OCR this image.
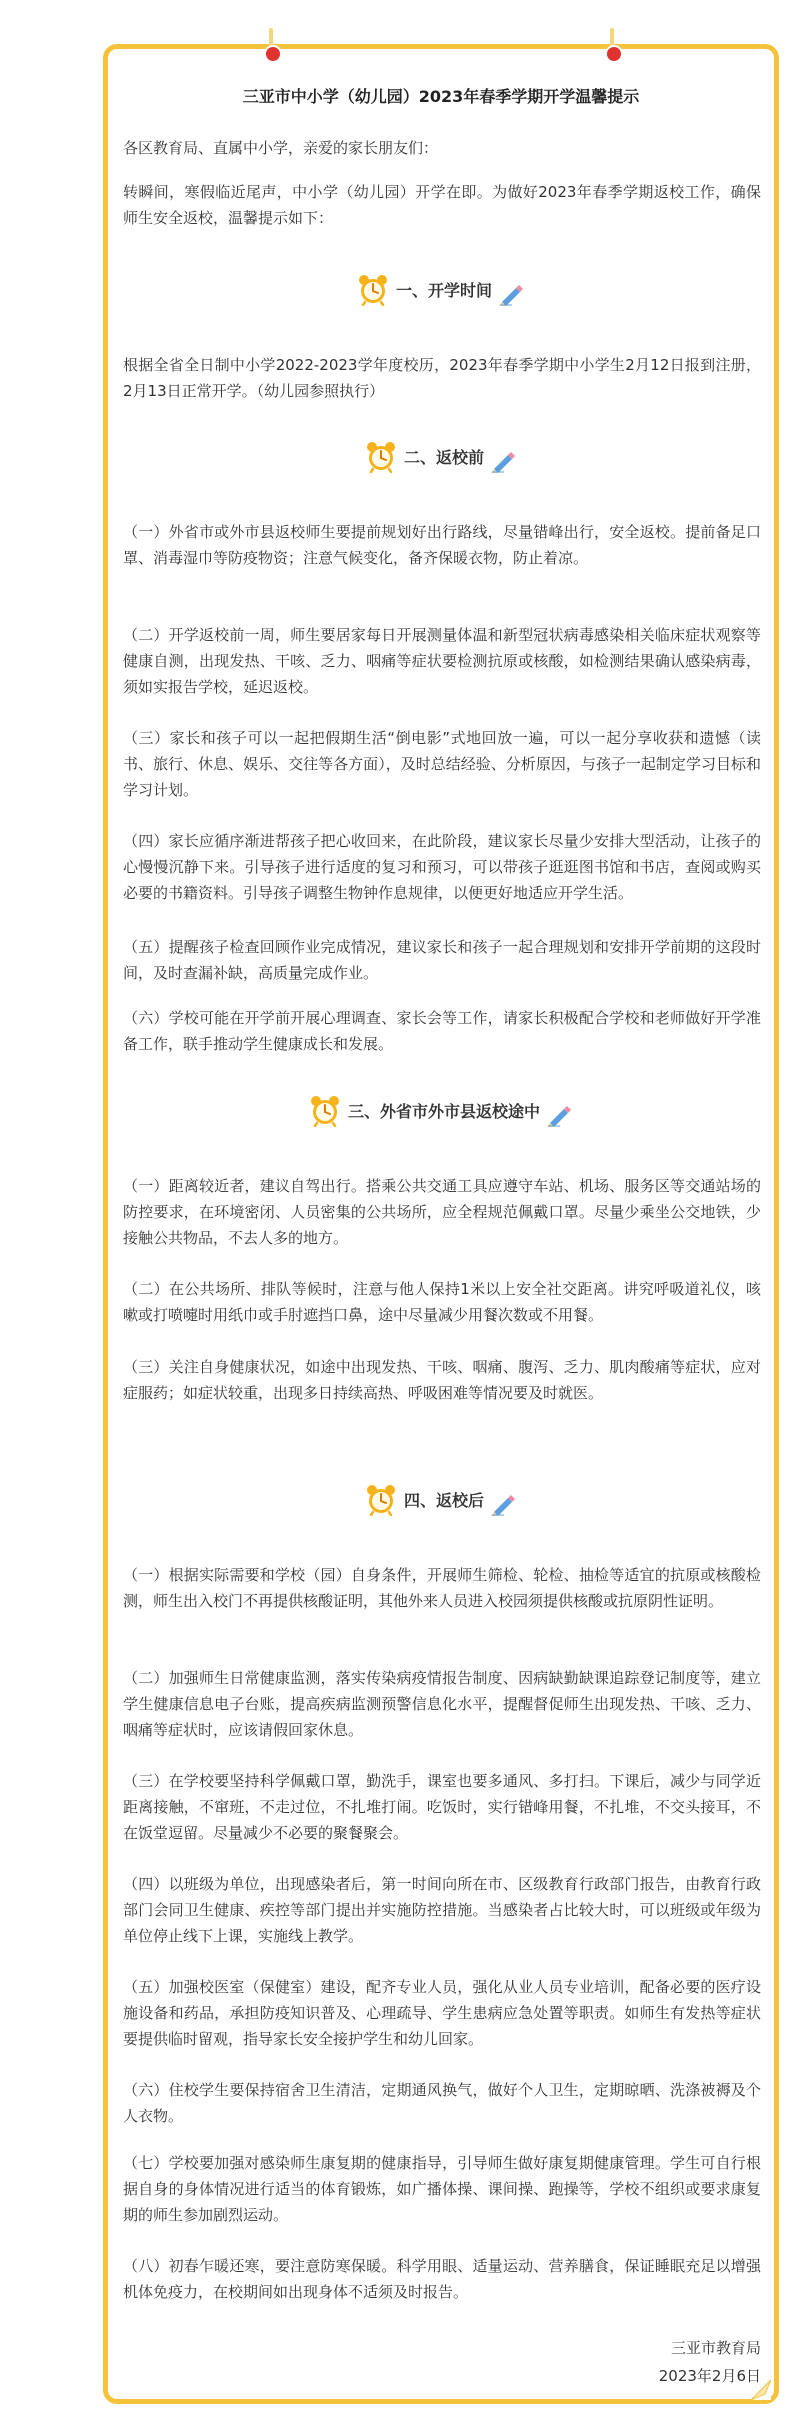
三亚市中小学（幼儿园）2023年春季学期开学温馨提示

各区教育局、直属中小学，亲爱的家长朋友们：

转瞬间，寒假临近尾声，中小学（幼儿园）开学在即。为做好2023年春季学期返校工作，确保师生安全返校，温馨提示如下：

一、开学时间

根据全省全日制中小学2022-2023学年度校历，2023年春季学期中小学生2月12日报到注册，2月13日正常开学。（幼儿园参照执行）

二、返校前

（一）外省市或外市县返校师生要提前规划好出行路线，尽量错峰出行，安全返校。提前备足口罩、消毒湿巾等防疫物资；注意气候变化，备齐保暖衣物，防止着凉。

（二）开学返校前一周，师生要居家每日开展测量体温和新型冠状病毒感染相关临床症状观察等健康自测，出现发热、干咳、乏力、咽痛等症状要检测抗原或核酸，如检测结果确认感染病毒，须如实报告学校，延迟返校。

（三）家长和孩子可以一起把假期生活“倒电影”式地回放一遍，可以一起分享收获和遗憾（读书、旅行、休息、娱乐、交往等各方面），及时总结经验、分析原因，与孩子一起制定学习目标和学习计划。

（四）家长应循序渐进帮孩子把心收回来，在此阶段，建议家长尽量少安排大型活动，让孩子的心慢慢沉静下来。引导孩子进行适度的复习和预习，可以带孩子逛逛图书馆和书店，查阅或购买必要的书籍资料。引导孩子调整生物钟作息规律，以便更好地适应开学生活。

（五）提醒孩子检查回顾作业完成情况，建议家长和孩子一起合理规划和安排开学前期的这段时间，及时查漏补缺，高质量完成作业。

（六）学校可能在开学前开展心理调查、家长会等工作，请家长积极配合学校和老师做好开学准备工作，联手推动学生健康成长和发展。

三、外省市外市县返校途中

（一）距离较近者，建议自驾出行。搭乘公共交通工具应遵守车站、机场、服务区等交通站场的防控要求，在环境密闭、人员密集的公共场所，应全程规范佩戴口罩。尽量少乘坐公交地铁，少接触公共物品，不去人多的地方。

（二）在公共场所、排队等候时，注意与他人保持1米以上安全社交距离。讲究呼吸道礼仪，咳嗽或打喷嚏时用纸巾或手肘遮挡口鼻，途中尽量减少用餐次数或不用餐。

（三）关注自身健康状况，如途中出现发热、干咳、咽痛、腹泻、乏力、肌肉酸痛等症状，应对症服药；如症状较重，出现多日持续高热、呼吸困难等情况要及时就医。

四、返校后

（一）根据实际需要和学校（园）自身条件，开展师生筛检、轮检、抽检等适宜的抗原或核酸检测，师生出入校门不再提供核酸证明，其他外来人员进入校园须提供核酸或抗原阴性证明。

（二）加强师生日常健康监测，落实传染病疫情报告制度、因病缺勤缺课追踪登记制度等，建立学生健康信息电子台账，提高疾病监测预警信息化水平，提醒督促师生出现发热、干咳、乏力、咽痛等症状时，应该请假回家休息。

（三）在学校要坚持科学佩戴口罩，勤洗手，课室也要多通风、多打扫。下课后，减少与同学近距离接触，不窜班，不走过位，不扎堆打闹。吃饭时，实行错峰用餐，不扎堆，不交头接耳，不在饭堂逗留。尽量减少不必要的聚餐聚会。

（四）以班级为单位，出现感染者后，第一时间向所在市、区级教育行政部门报告，由教育行政部门会同卫生健康、疾控等部门提出并实施防控措施。当感染者占比较大时，可以班级或年级为单位停止线下上课，实施线上教学。

（五）加强校医室（保健室）建设，配齐专业人员，强化从业人员专业培训，配备必要的医疗设施设备和药品，承担防疫知识普及、心理疏导、学生患病应急处置等职责。如师生有发热等症状要提供临时留观，指导家长安全接护学生和幼儿回家。

（六）住校学生要保持宿舍卫生清洁，定期通风换气，做好个人卫生，定期晾晒、洗涤被褥及个人衣物。

（七）学校要加强对感染师生康复期的健康指导，引导师生做好康复期健康管理。学生可自行根据自身的身体情况进行适当的体育锻炼，如广播体操、课间操、跑操等，学校不组织或要求康复期的师生参加剧烈运动。

（八）初春乍暖还寒，要注意防寒保暖。科学用眼、适量运动、营养膳食，保证睡眠充足以增强机体免疫力，在校期间如出现身体不适须及时报告。

三亚市教育局

2023年2月6日
